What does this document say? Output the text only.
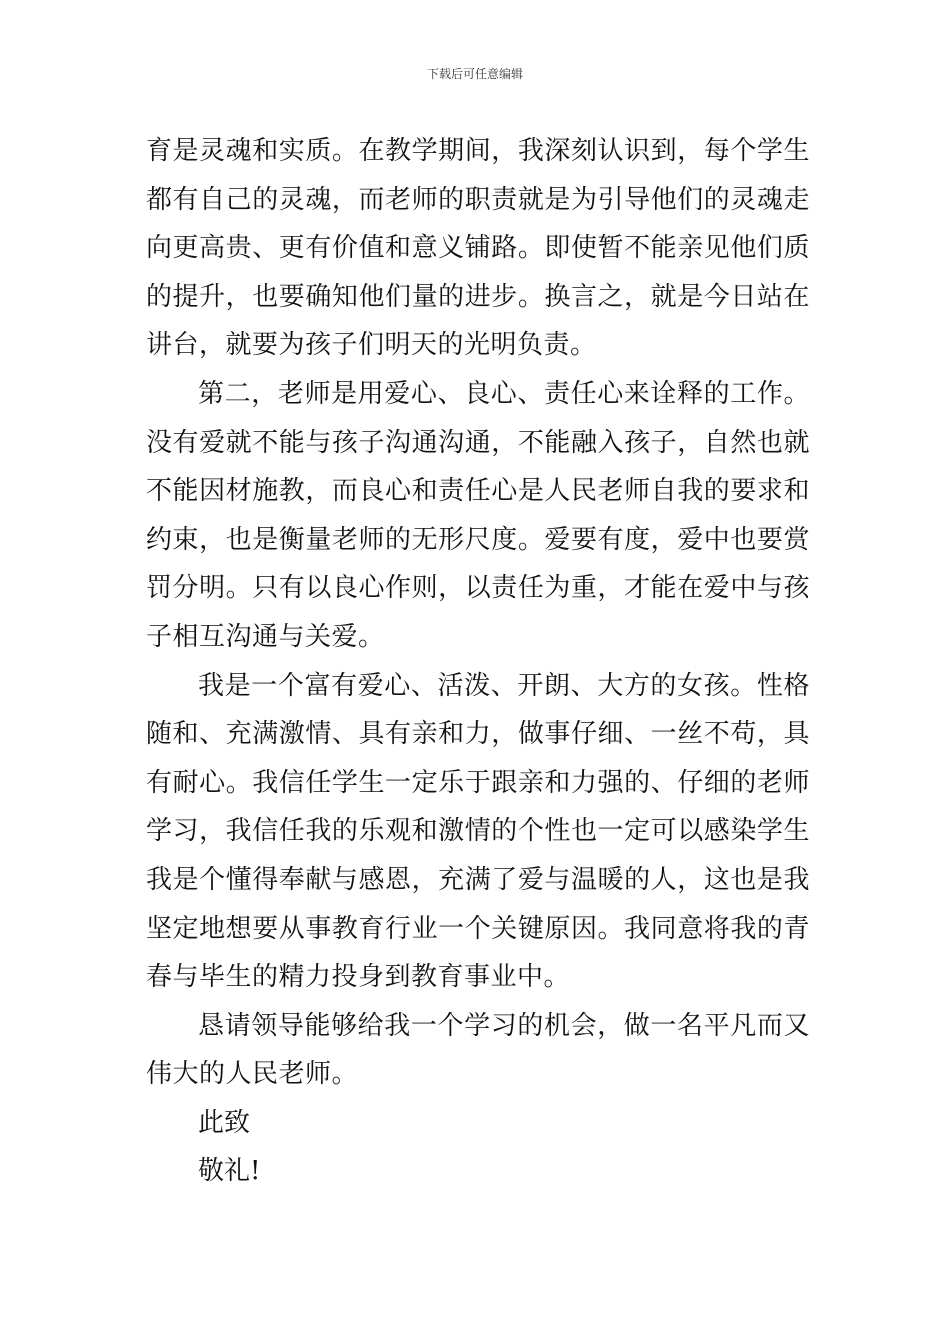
下载后可任意编辑

育是灵魂和实质。在教学期间，我深刻认识到，每个学生都有自己的灵魂，而老师的职责就是为引导他们的灵魂走向更高贵、更有价值和意义铺路。即使暂不能亲见他们质的提升，也要确知他们量的进步。换言之，就是今日站在讲台，就要为孩子们明天的光明负责。

第二，老师是用爱心、良心、责任心来诠释的工作。没有爱就不能与孩子沟通沟通，不能融入孩子，自然也就不能因材施教，而良心和责任心是人民老师自我的要求和约束，也是衡量老师的无形尺度。爱要有度，爱中也要赏罚分明。只有以良心作则，以责任为重，才能在爱中与孩子相互沟通与关爱。

我是一个富有爱心、活泼、开朗、大方的女孩。性格随和、充满激情、具有亲和力，做事仔细、一丝不苟，具有耐心。我信任学生一定乐于跟亲和力强的、仔细的老师学习，我信任我的乐观和激情的个性也一定可以感染学生我是个懂得奉献与感恩，充满了爱与温暖的人，这也是我坚定地想要从事教育行业一个关键原因。我同意将我的青春与毕生的精力投身到教育事业中。

恳请领导能够给我一个学习的机会，做一名平凡而又伟大的人民老师。

此致

敬礼!
